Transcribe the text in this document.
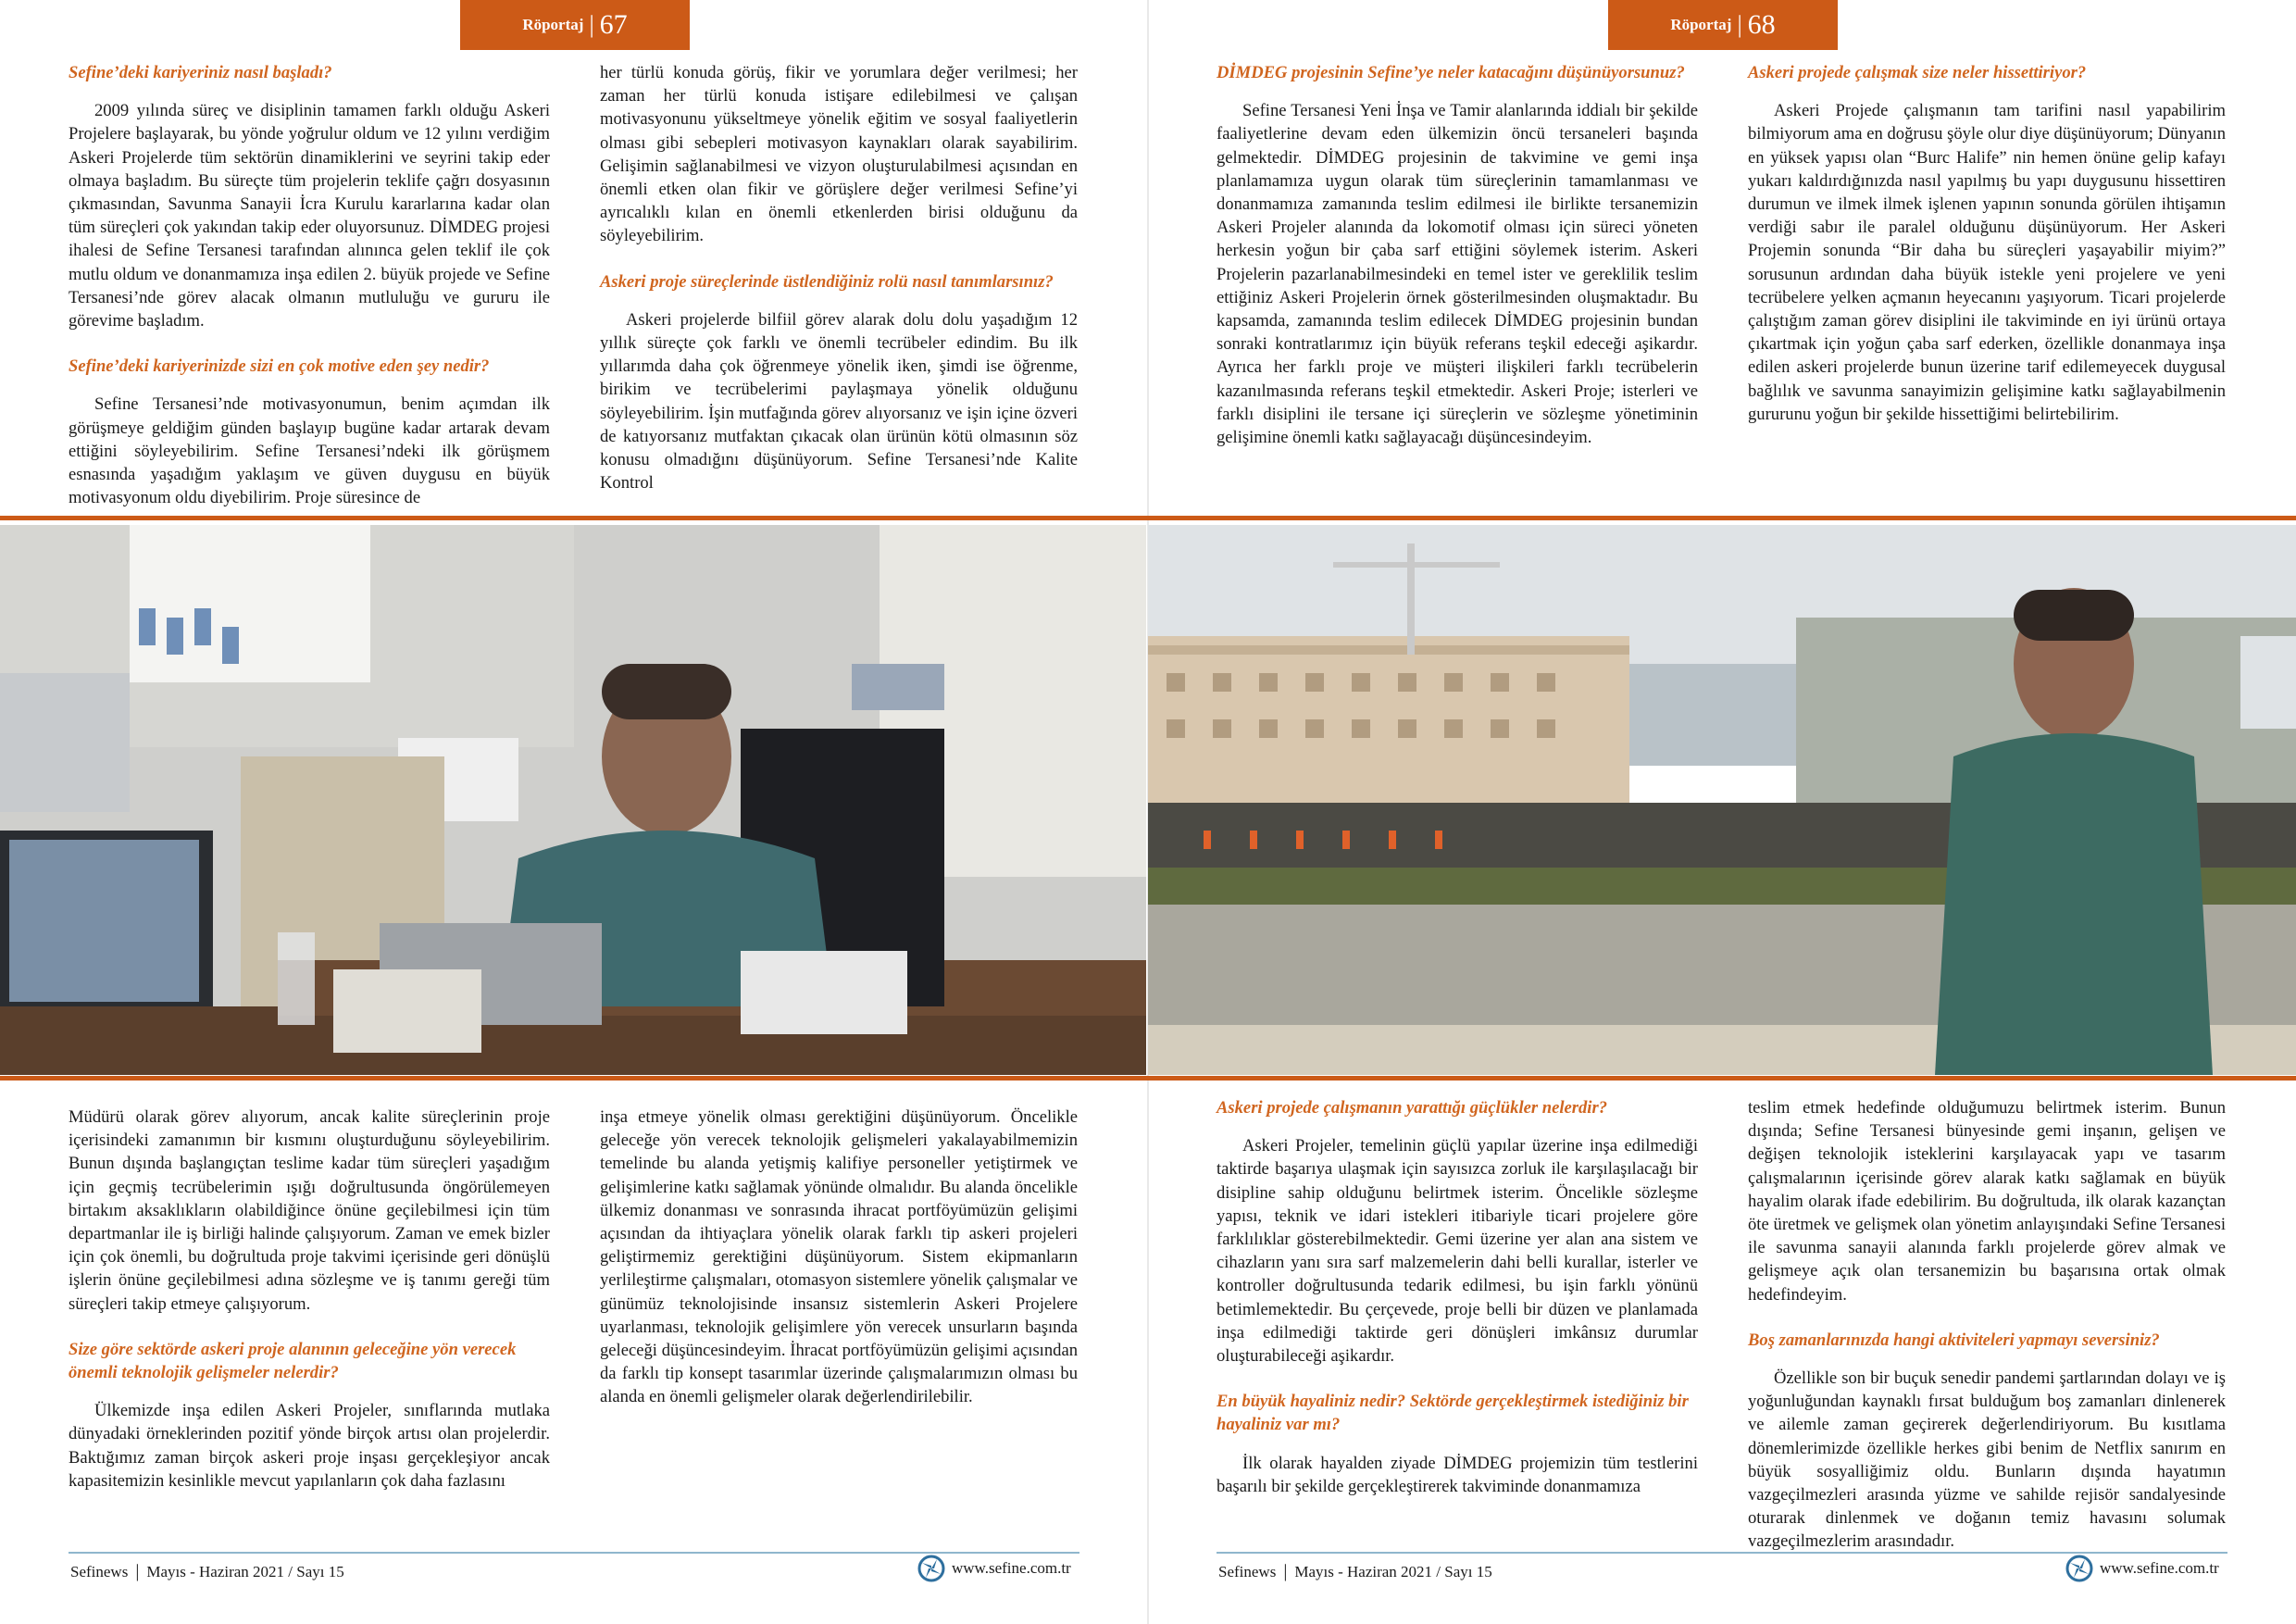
Röportaj | 67
Sefine’deki kariyeriniz nasıl başladı?
2009 yılında süreç ve disiplinin tamamen farklı olduğu Askeri Projelere başlayarak, bu yönde yoğrulur oldum ve 12 yılını verdiğim Askeri Projelerde tüm sektörün dinamiklerini ve seyrini takip eder olmaya başladım. Bu süreçte tüm projelerin teklife çağrı dosyasının çıkmasından, Savunma Sanayii İcra Kurulu kararlarına kadar olan tüm süreçleri çok yakından takip eder oluyorsunuz. DİMDEG projesi ihalesi de Sefine Tersanesi tarafından alınınca gelen teklif ile çok mutlu oldum ve donanmamıza inşa edilen 2. büyük projede ve Sefine Tersanesi’nde görev alacak olmanın mutluluğu ve gururu ile görevime başladım.
Sefine’deki kariyerinizde sizi en çok motive eden şey nedir?
Sefine Tersanesi’nde motivasyonumun, benim açımdan ilk görüşmeye geldiğim günden başlayıp bugüne kadar artarak devam ettiğini söyleyebilirim. Sefine Tersanesi’ndeki ilk görüşmem esnasında yaşadığım yaklaşım ve güven duygusu en büyük motivasyonum oldu diyebilirim. Proje süresince de
her türlü konuda görüş, fikir ve yorumlara değer verilmesi; her zaman her türlü konuda istişare edilebilmesi ve çalışan motivasyonunu yükseltmeye yönelik eğitim ve sosyal faaliyetlerin olması gibi sebepleri motivasyon kaynakları olarak sayabilirim. Gelişimin sağlanabilmesi ve vizyon oluşturulabilmesi açısından en önemli etken olan fikir ve görüşlere değer verilmesi Sefine’yi ayrıcalıklı kılan en önemli etkenlerden birisi olduğunu da söyleyebilirim.
Askeri proje süreçlerinde üstlendiğiniz rolü nasıl tanımlarsınız?
Askeri projelerde bilfiil görev alarak dolu dolu yaşadığım 12 yıllık süreçte çok farklı ve önemli tecrübeler edindim. Bu ilk yıllarımda daha çok öğrenmeye yönelik iken, şimdi ise öğrenme, birikim ve tecrübelerimi paylaşmaya yönelik olduğunu söyleyebilirim. İşin mutfağında görev alıyorsanız ve işin içine özveri de katıyorsanız mutfaktan çıkacak olan ürünün kötü olmasının söz konusu olmadığını düşünüyorum. Sefine Tersanesi’nde Kalite Kontrol
Müdürü olarak görev alıyorum, ancak kalite süreçlerinin proje içerisindeki zamanımın bir kısmını oluşturduğunu söyleyebilirim. Bunun dışında başlangıçtan teslime kadar tüm süreçleri yaşadığım için geçmiş tecrübelerimin ışığı doğrultusunda öngörülemeyen birtakım aksaklıkların olabildiğince önüne geçilebilmesi için tüm departmanlar ile iş birliği halinde çalışıyorum. Zaman ve emek bizler için çok önemli, bu doğrultuda proje takvimi içerisinde geri dönüşlü işlerin önüne geçilebilmesi adına sözleşme ve iş tanımı gereği tüm süreçleri takip etmeye çalışıyorum.
Size göre sektörde askeri proje alanının geleceğine yön verecek önemli teknolojik gelişmeler nelerdir?
Ülkemizde inşa edilen Askeri Projeler, sınıflarında mutlaka dünyadaki örneklerinden pozitif yönde birçok artısı olan projelerdir. Baktığımız zaman birçok askeri proje inşası gerçekleşiyor ancak kapasitemizin kesinlikle mevcut yapılanların çok daha fazlasını
inşa etmeye yönelik olması gerektiğini düşünüyorum. Öncelikle geleceğe yön verecek teknolojik gelişmeleri yakalayabilmemizin temelinde bu alanda yetişmiş kalifiye personeller yetiştirmek ve gelişimlerine katkı sağlamak yönünde olmalıdır. Bu alanda öncelikle ülkemiz donanması ve sonrasında ihracat portföyümüzün gelişimi açısından da ihtiyaçlara yönelik olarak farklı tip askeri projeleri geliştirmemiz gerektiğini düşünüyorum. Sistem ekipmanların yerlileştirme çalışmaları, otomasyon sistemlere yönelik çalışmalar ve günümüz teknolojisinde insansız sistemlerin Askeri Projelere uyarlanması, teknolojik gelişimlere yön verecek unsurların başında geleceği düşüncesindeyim. İhracat portföyümüzün gelişimi açısından da farklı tip konsept tasarımlar üzerinde çalışmalarımızın olması bu alanda en önemli gelişmeler olarak değerlendirilebilir.
Sefinews | Mayıs - Haziran 2021 / Sayı 15	www.sefine.com.tr
Röportaj | 68
DİMDEG projesinin Sefine’ye neler katacağını düşünüyorsunuz?
Sefine Tersanesi Yeni İnşa ve Tamir alanlarında iddialı bir şekilde faaliyetlerine devam eden ülkemizin öncü tersaneleri başında gelmektedir. DİMDEG projesinin de takvimine ve gemi inşa planlamamıza uygun olarak tüm süreçlerinin tamamlanması ve donanmamıza zamanında teslim edilmesi ile birlikte tersanemizin Askeri Projeler alanında da lokomotif olması için süreci yöneten herkesin yoğun bir çaba sarf ettiğini söylemek isterim. Askeri Projelerin pazarlanabilmesindeki en temel ister ve gereklilik teslim ettiğiniz Askeri Projelerin örnek gösterilmesinden oluşmaktadır. Bu kapsamda, zamanında teslim edilecek DİMDEG projesinin bundan sonraki kontratlarımız için büyük referans teşkil edeceği aşikardır. Ayrıca her farklı proje ve müşteri ilişkileri farklı tecrübelerin kazanılmasında referans teşkil etmektedir. Askeri Proje; isterleri ve farklı disiplini ile tersane içi süreçlerin ve sözleşme yönetiminin gelişimine önemli katkı sağlayacağı düşüncesindeyim.
Askeri projede çalışmak size neler hissettiriyor?
Askeri Projede çalışmanın tam tarifini nasıl yapabilirim bilmiyorum ama en doğrusu şöyle olur diye düşünüyorum; Dünyanın en yüksek yapısı olan “Burc Halife” nin hemen önüne gelip kafayı yukarı kaldırdığınızda nasıl yapılmış bu yapı duygusunu hissettiren durumun ve ilmek ilmek işlenen yapının sonunda görülen ihtişamın verdiği sabır ile paralel olduğunu düşünüyorum. Her Askeri Projemin sonunda “Bir daha bu süreçleri yaşayabilir miyim?” sorusunun ardından daha büyük istekle yeni projelere ve yeni tecrübelere yelken açmanın heyecanını yaşıyorum. Ticari projelerde çalıştığım zaman görev disiplini ile takviminde en iyi ürünü ortaya çıkartmak için yoğun çaba sarf ederken, özellikle donanmaya inşa edilen askeri projelerde bunun üzerine tarif edilemeyecek duygusal bağlılık ve savunma sanayimizin gelişimine katkı sağlayabilmenin gururunu yoğun bir şekilde hissettiğimi belirtebilirim.
Askeri projede çalışmanın yarattığı güçlükler nelerdir?
Askeri Projeler, temelinin güçlü yapılar üzerine inşa edilmediği taktirde başarıya ulaşmak için sayısızca zorluk ile karşılaşılacağı bir disipline sahip olduğunu belirtmek isterim. Öncelikle sözleşme yapısı, teknik ve idari istekleri itibariyle ticari projelere göre farklılıklar gösterebilmektedir. Gemi üzerine yer alan ana sistem ve cihazların yanı sıra sarf malzemelerin dahi belli kurallar, isterler ve kontroller doğrultusunda tedarik edilmesi, bu işin farklı yönünü betimlemektedir. Bu çerçevede, proje belli bir düzen ve planlamada inşa edilmediği taktirde geri dönüşleri imkânsız durumlar oluşturabileceği aşikardır.
En büyük hayaliniz nedir? Sektörde gerçekleştirmek istediğiniz bir hayaliniz var mı?
İlk olarak hayalden ziyade DİMDEG projemizin tüm testlerini başarılı bir şekilde gerçekleştirerek takviminde donanmamıza
teslim etmek hedefinde olduğumuzu belirtmek isterim. Bunun dışında; Sefine Tersanesi bünyesinde gemi inşanın, gelişen ve değişen teknolojik isteklerini karşılayacak yapı ve tasarım çalışmalarının içerisinde görev alarak katkı sağlamak en büyük hayalim olarak ifade edebilirim. Bu doğrultuda, ilk olarak kazançtan öte üretmek ve gelişmek olan yönetim anlayışındaki Sefine Tersanesi ile savunma sanayii alanında farklı projelerde görev almak ve gelişmeye açık olan tersanemizin bu başarısına ortak olmak hedefindeyim.
Boş zamanlarınızda hangi aktiviteleri yapmayı seversiniz?
Özellikle son bir buçuk senedir pandemi şartlarından dolayı ve iş yoğunluğundan kaynaklı fırsat bulduğum boş zamanları dinlenerek ve ailemle zaman geçirerek değerlendiriyorum. Bu kısıtlama dönemlerimizde özellikle herkes gibi benim de Netflix sanırım en büyük sosyalliğimiz oldu. Bunların dışında hayatımın vazgeçilmezleri arasında yüzme ve sahilde rejisör sandalyesinde oturarak dinlenmek ve doğanın temiz havasını solumak vazgeçilmezlerim arasındadır.
Sefinews | Mayıs - Haziran 2021 / Sayı 15	www.sefine.com.tr
